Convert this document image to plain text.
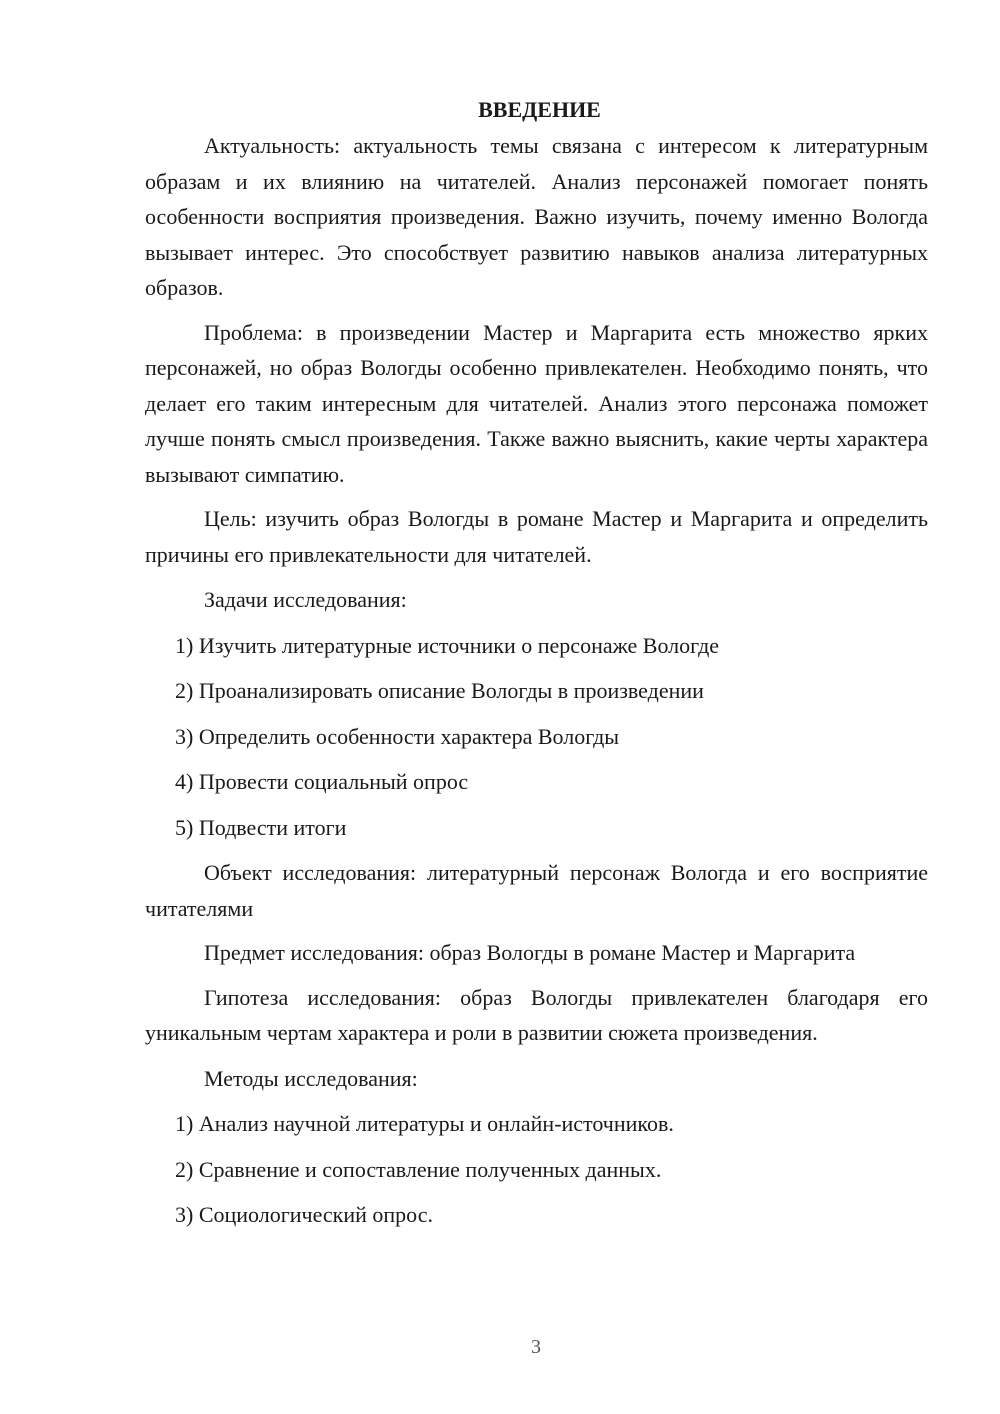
ВВЕДЕНИЕ

Актуальность: актуальность темы связана с интересом к литературным образам и их влиянию на читателей. Анализ персонажей помогает понять особенности восприятия произведения. Важно изучить, почему именно Вологда вызывает интерес. Это способствует развитию навыков анализа литературных образов.

Проблема: в произведении Мастер и Маргарита есть множество ярких персонажей, но образ Вологды особенно привлекателен. Необходимо понять, что делает его таким интересным для читателей. Анализ этого персонажа поможет лучше понять смысл произведения. Также важно выяснить, какие черты характера вызывают симпатию.

Цель: изучить образ Вологды в романе Мастер и Маргарита и определить причины его привлекательности для читателей.

Задачи исследования:

1) Изучить литературные источники о персонаже Вологде
2) Проанализировать описание Вологды в произведении
3) Определить особенности характера Вологды
4) Провести социальный опрос
5) Подвести итоги

Объект исследования: литературный персонаж Вологда и его восприятие читателями

Предмет исследования: образ Вологды в романе Мастер и Маргарита

Гипотеза исследования: образ Вологды привлекателен благодаря его уникальным чертам характера и роли в развитии сюжета произведения.

Методы исследования:

1) Анализ научной литературы и онлайн-источников.
2) Сравнение и сопоставление полученных данных.
3) Социологический опрос.
3
